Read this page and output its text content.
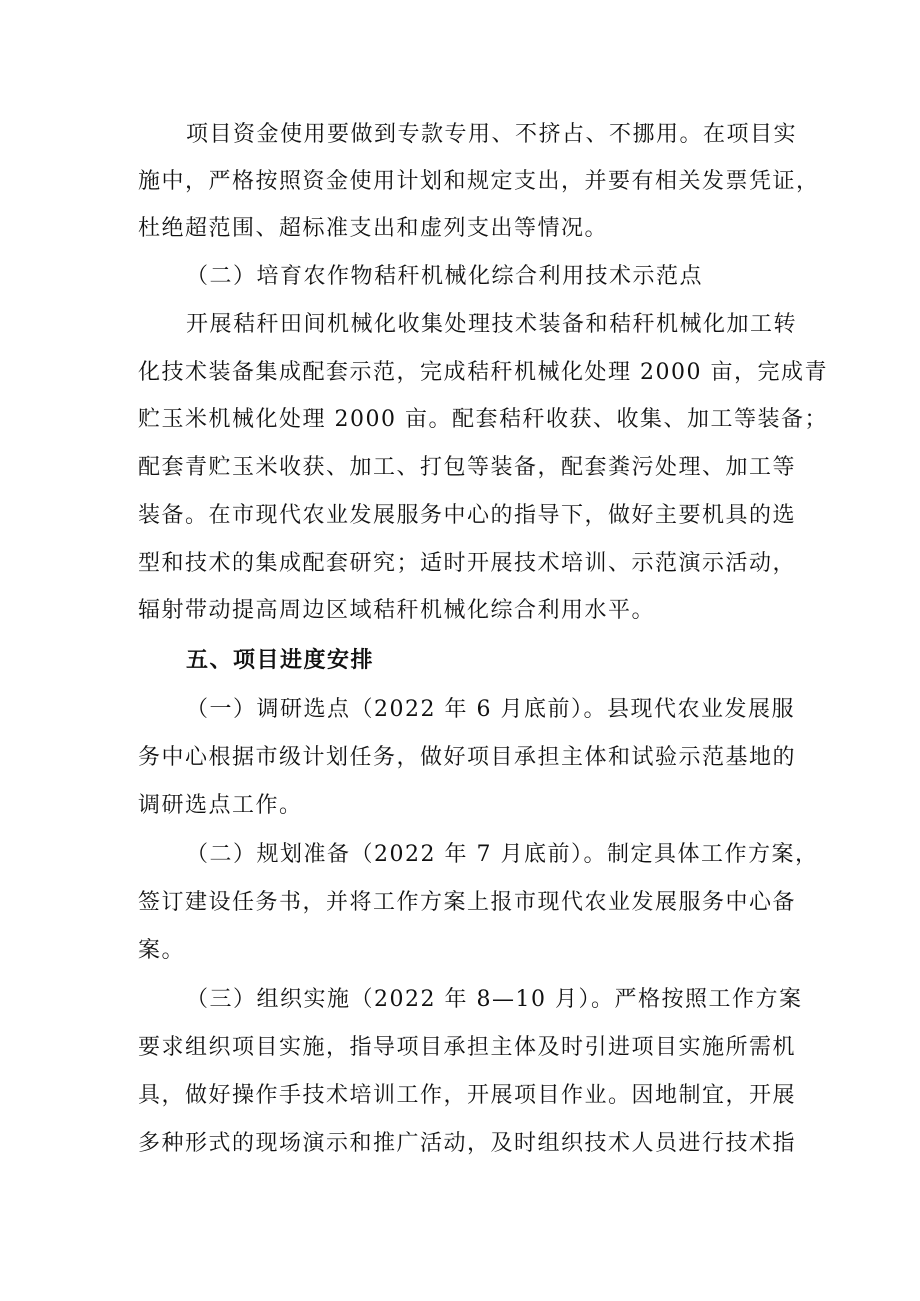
项目资金使用要做到专款专用、不挤占、不挪用。在项目实
施中，严格按照资金使用计划和规定支出，并要有相关发票凭证，
杜绝超范围、超标准支出和虚列支出等情况。
（二）培育农作物秸秆机械化综合利用技术示范点
开展秸秆田间机械化收集处理技术装备和秸秆机械化加工转
化技术装备集成配套示范，完成秸秆机械化处理 2000 亩，完成青
贮玉米机械化处理 2000 亩。配套秸秆收获、收集、加工等装备；
配套青贮玉米收获、加工、打包等装备，配套粪污处理、加工等
装备。在市现代农业发展服务中心的指导下，做好主要机具的选
型和技术的集成配套研究；适时开展技术培训、示范演示活动，
辐射带动提高周边区域秸秆机械化综合利用水平。
五、项目进度安排
（一）调研选点（2022 年 6 月底前）。县现代农业发展服
务中心根据市级计划任务，做好项目承担主体和试验示范基地的
调研选点工作。
（二）规划准备（2022 年 7 月底前）。制定具体工作方案，
签订建设任务书，并将工作方案上报市现代农业发展服务中心备
案。
（三）组织实施（2022 年 8—10 月）。严格按照工作方案
要求组织项目实施，指导项目承担主体及时引进项目实施所需机
具，做好操作手技术培训工作，开展项目作业。因地制宜，开展
多种形式的现场演示和推广活动，及时组织技术人员进行技术指
